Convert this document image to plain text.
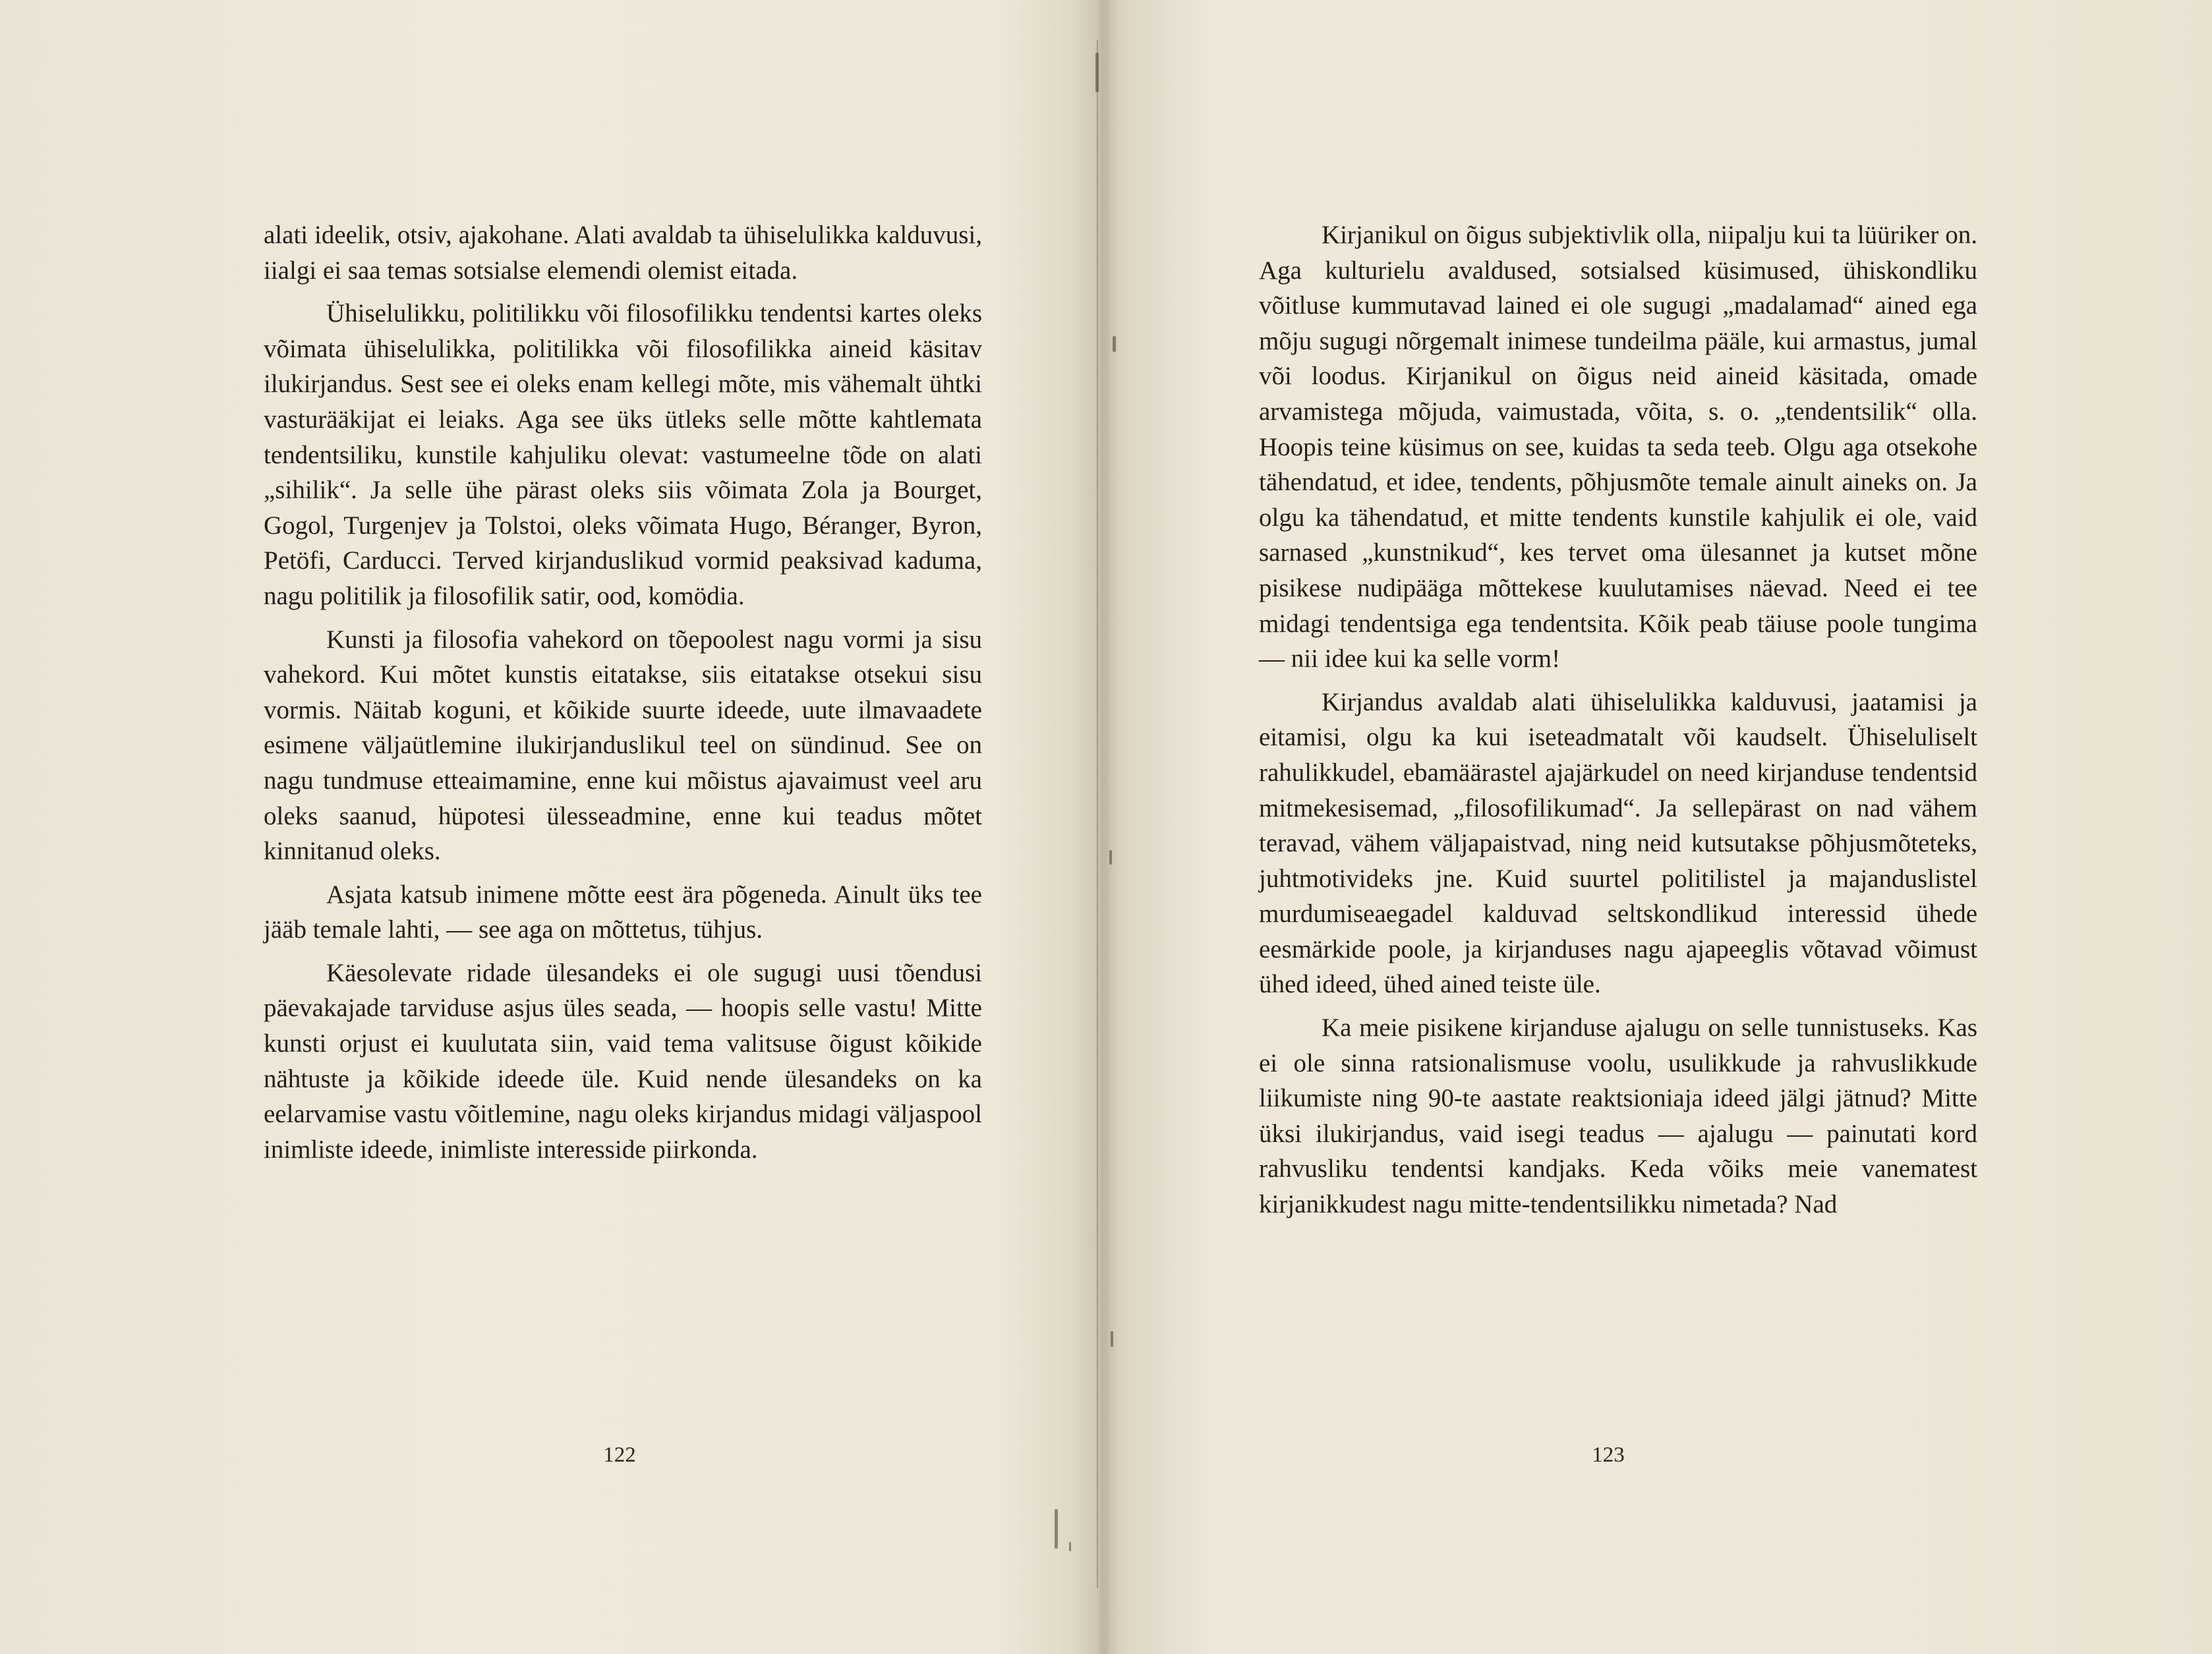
alati ideelik, otsiv, ajakohane. Alati avaldab ta ühiselulikka kalduvusi, iialgi ei saa temas sotsialse elemendi olemist eitada.

Ühiselulikku, politilikku või filosofilikku tendentsi kartes oleks võimata ühiselulikka, politilikka või filosofilikka aineid käsitav ilukirjandus. Sest see ei oleks enam kellegi mõte, mis vähemalt ühtki vasturääkijat ei leiaks. Aga see üks ütleks selle mõtte kahtlemata tendentsiliku, kunstile kahjuliku olevat: vastumeelne tõde on alati „sihilik“. Ja selle ühe pärast oleks siis võimata Zola ja Bourget, Gogol, Turgenjev ja Tolstoi, oleks võimata Hugo, Béranger, Byron, Petöfi, Carducci. Terved kirjanduslikud vormid peaksivad kaduma, nagu politilik ja filosofilik satir, ood, komödia.

Kunsti ja filosofia vahekord on tõepoolest nagu vormi ja sisu vahekord. Kui mõtet kunstis eitatakse, siis eitatakse otsekui sisu vormis. Näitab koguni, et kõikide suurte ideede, uute ilmavaadete esimene väljaütlemine ilukirjanduslikul teel on sündinud. See on nagu tundmuse etteaimamine, enne kui mõistus ajavaimust veel aru oleks saanud, hüpotesi ülesseadmine, enne kui teadus mõtet kinnitanud oleks.

Asjata katsub inimene mõtte eest ära põgeneda. Ainult üks tee jääb temale lahti, — see aga on mõttetus, tühjus.

Käesolevate ridade ülesandeks ei ole sugugi uusi tõendusi päevakajade tarviduse asjus üles seada, — hoopis selle vastu! Mitte kunsti orjust ei kuulutata siin, vaid tema valitsuse õigust kõikide nähtuste ja kõikide ideede üle. Kuid nende ülesandeks on ka eelarvamise vastu võitlemine, nagu oleks kirjandus midagi väljaspool inimliste ideede, inimliste interesside piirkonda.

122

Kirjanikul on õigus subjektivlik olla, niipalju kui ta lüüriker on. Aga kulturielu avaldused, sotsialsed küsimused, ühiskondliku võitluse kummutavad lained ei ole sugugi „madalamad“ ained ega mõju sugugi nõrgemalt inimese tundeilma pääle, kui armastus, jumal või loodus. Kirjanikul on õigus neid aineid käsitada, omade arvamistega mõjuda, vaimustada, võita, s. o. „tendentsilik“ olla. Hoopis teine küsimus on see, kuidas ta seda teeb. Olgu aga otsekohe tähendatud, et idee, tendents, põhjusmõte temale ainult aineks on. Ja olgu ka tähendatud, et mitte tendents kunstile kahjulik ei ole, vaid sarnased „kunstnikud“, kes tervet oma ülesannet ja kutset mõne pisikese nudipääga mõttekese kuulutamises näevad. Need ei tee midagi tendentsiga ega tendentsita. Kõik peab täiuse poole tungima — nii idee kui ka selle vorm!

Kirjandus avaldab alati ühiselulikka kalduvusi, jaatamisi ja eitamisi, olgu ka kui iseteadmatalt või kaudselt. Ühiseluliselt rahulikkudel, ebamäärastel ajajärkudel on need kirjanduse tendentsid mitmekesisemad, „filosofilikumad“. Ja sellepärast on nad vähem teravad, vähem väljapaistvad, ning neid kutsutakse põhjusmõteteks, juhtmotivideks jne. Kuid suurtel politilistel ja majanduslistel murdumiseaegadel kalduvad seltskondlikud interessid ühede eesmärkide poole, ja kirjanduses nagu ajapeeglis võtavad võimust ühed ideed, ühed ained teiste üle.

Ka meie pisikene kirjanduse ajalugu on selle tunnistuseks. Kas ei ole sinna ratsionalismuse voolu, usulikkude ja rahvuslikkude liikumiste ning 90-te aastate reaktsioniaja ideed jälgi jätnud? Mitte üksi ilukirjandus, vaid isegi teadus — ajalugu — painutati kord rahvusliku tendentsi kandjaks. Keda võiks meie vanematest kirjanikkudest nagu mitte-tendentsilikku nimetada? Nad

123
